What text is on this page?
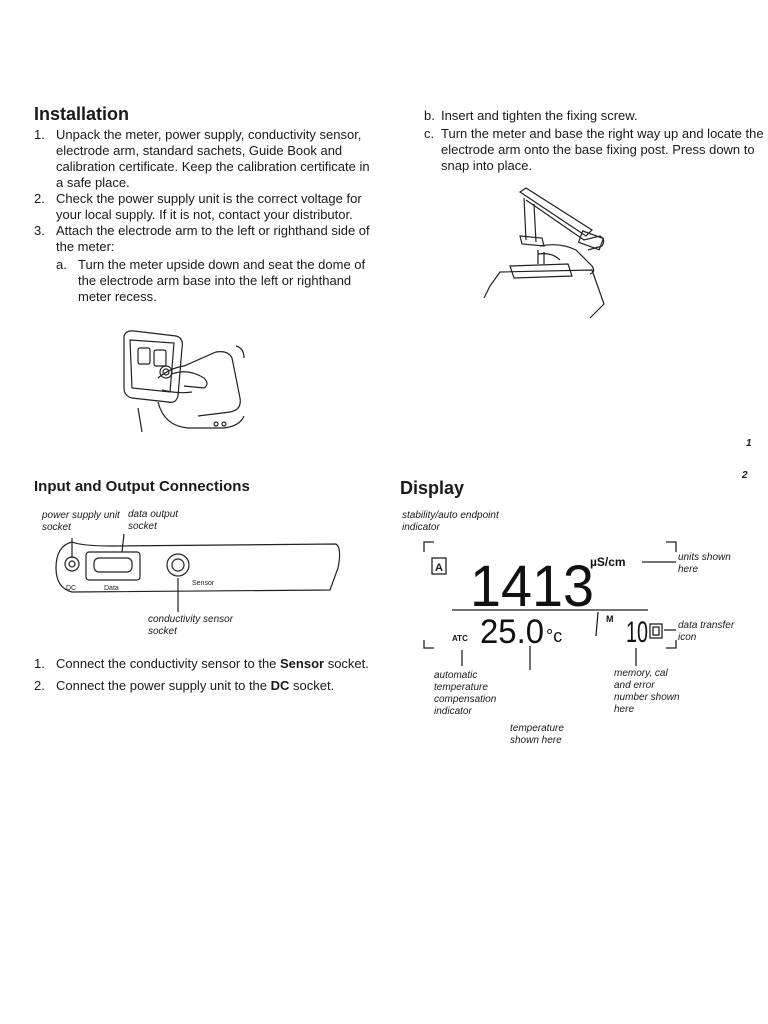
Installation
1. Unpack the meter, power supply, conductivity sensor, electrode arm, standard sachets, Guide Book and calibration certificate. Keep the calibration certificate in a safe place.
2. Check the power supply unit is the correct voltage for your local supply. If it is not, contact your distributor.
3. Attach the electrode arm to the left or righthand side of the meter:
a. Turn the meter upside down and seat the dome of the electrode arm base into the left or righthand meter recess.
b. Insert and tighten the fixing screw.
c. Turn the meter and base the right way up and locate the electrode arm onto the base fixing post. Press down to snap into place.
1
2
Input and Output Connections
power supply unit socket
data output socket
DC	Data
Sensor
conductivity sensor socket
1. Connect the conductivity sensor to the Sensor socket.
2. Connect the power supply unit to the DC socket.
Display
stability/auto endpoint indicator
A 1413
µS/cm
ATC 25.0 °c
M 10
units shown here
data transfer icon
automatic temperature compensation indicator
memory, cal and error number shown here
temperature shown here
